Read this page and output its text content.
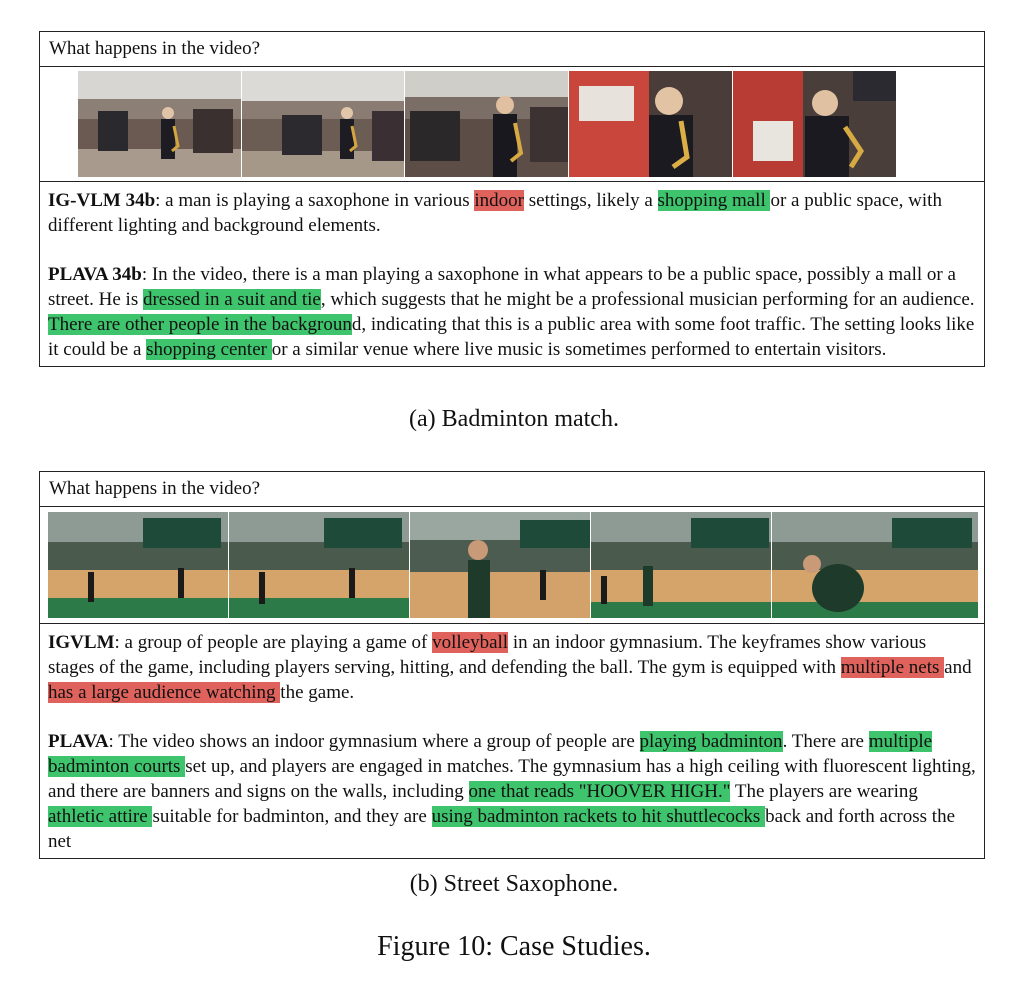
What happens in the video?
IG-VLM 34b: a man is playing a saxophone in various indoor settings, likely a shopping mall or a public space, with different lighting and background elements.
PLAVA 34b: In the video, there is a man playing a saxophone in what appears to be a public space, possibly a mall or a street. He is dressed in a suit and tie, which suggests that he might be a professional musician performing for an audience. There are other people in the background, indicating that this is a public area with some foot traffic. The setting looks like it could be a shopping center or a similar venue where live music is sometimes performed to entertain visitors.
(a) Badminton match.
What happens in the video?
IGVLM: a group of people are playing a game of volleyball in an indoor gymnasium. The keyframes show various stages of the game, including players serving, hitting, and defending the ball. The gym is equipped with multiple nets and has a large audience watching the game.
PLAVA: The video shows an indoor gymnasium where a group of people are playing badminton. There are multiple badminton courts set up, and players are engaged in matches. The gymnasium has a high ceiling with fluorescent lighting, and there are banners and signs on the walls, including one that reads "HOOVER HIGH." The players are wearing athletic attire suitable for badminton, and they are using badminton rackets to hit shuttlecocks back and forth across the net
(b) Street Saxophone.
Figure 10: Case Studies.
